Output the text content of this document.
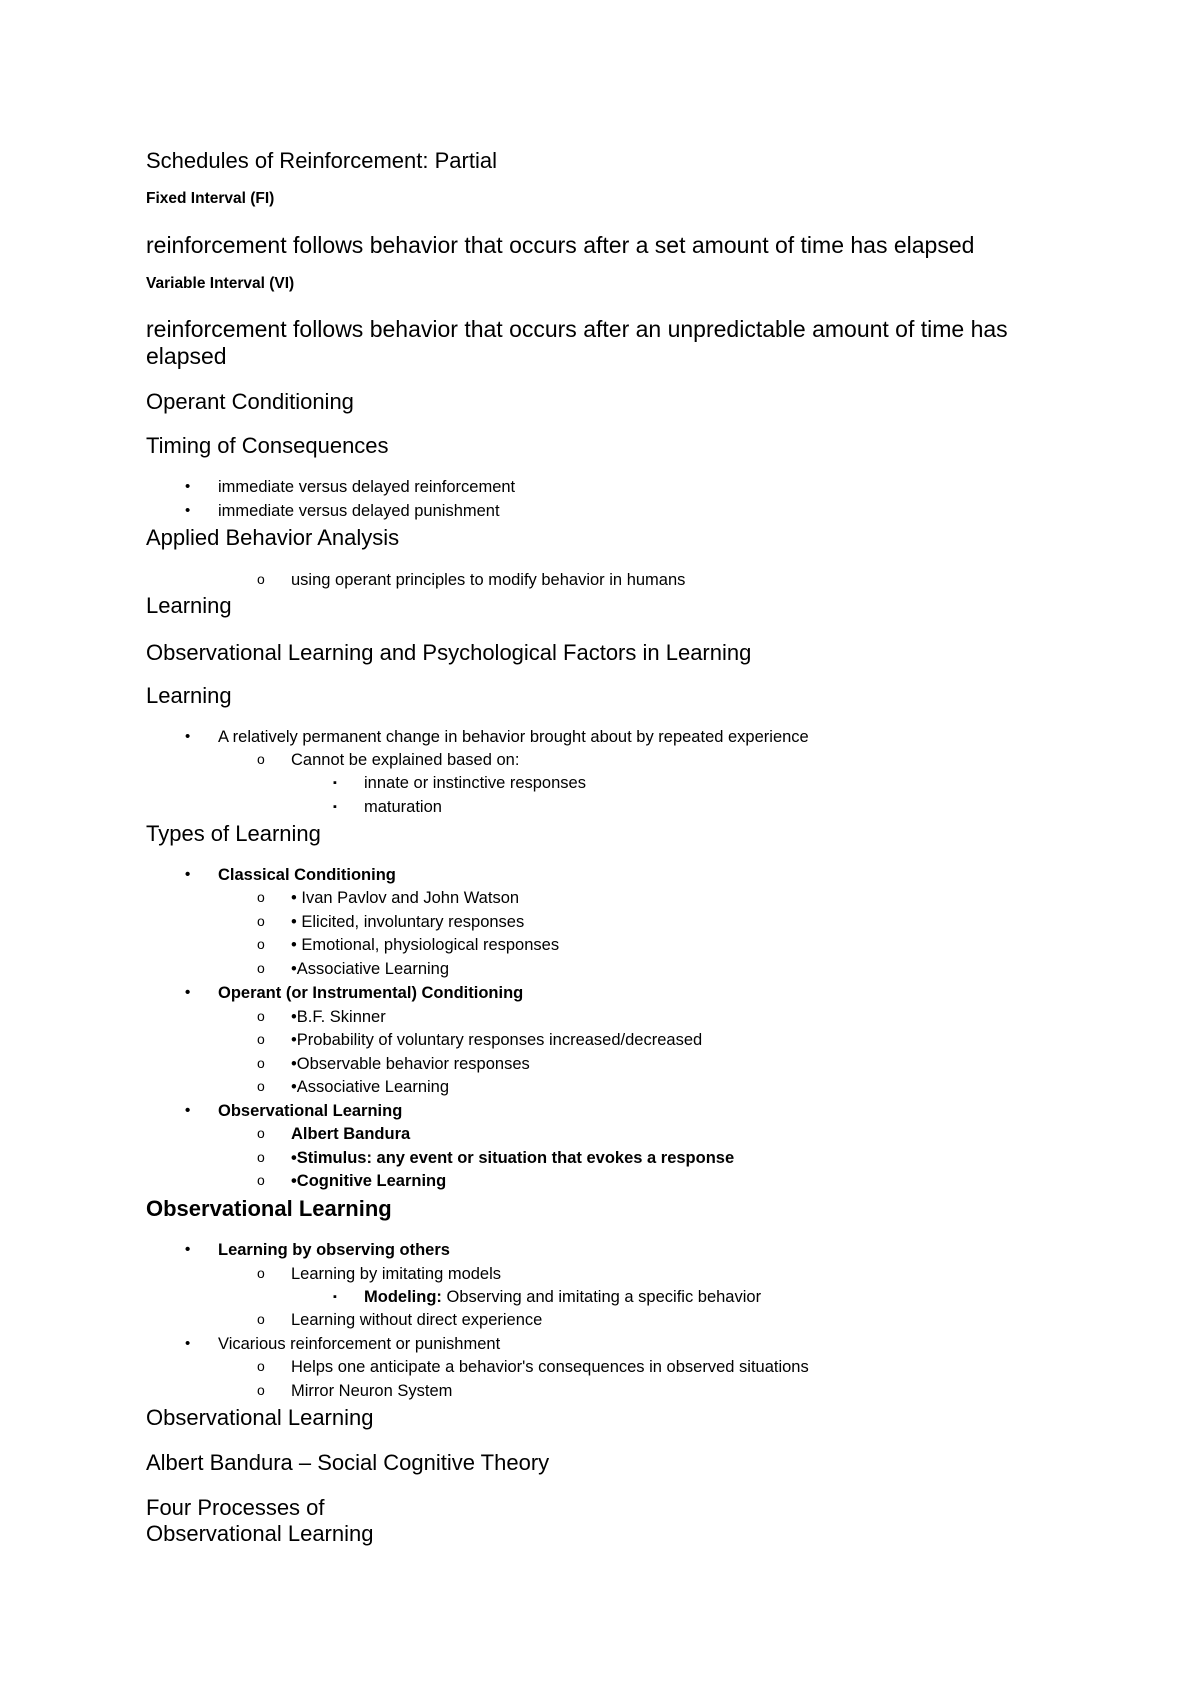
Schedules of Reinforcement: Partial
Fixed Interval (FI)
reinforcement follows behavior that occurs after a set amount of time has elapsed
Variable Interval (VI)
reinforcement follows behavior that occurs after an unpredictable amount of time has
elapsed
Operant Conditioning
Timing of Consequences
• immediate versus delayed reinforcement
• immediate versus delayed punishment
Applied Behavior Analysis
o using operant principles to modify behavior in humans
Learning
Observational Learning and Psychological Factors in Learning
Learning
• A relatively permanent change in behavior brought about by repeated experience
o Cannot be explained based on:
▪ innate or instinctive responses
▪ maturation
Types of Learning
• Classical Conditioning
o • Ivan Pavlov and John Watson
o • Elicited, involuntary responses
o • Emotional, physiological responses
o •Associative Learning
• Operant (or Instrumental) Conditioning
o •B.F. Skinner
o •Probability of voluntary responses increased/decreased
o •Observable behavior responses
o •Associative Learning
• Observational Learning
o Albert Bandura
o •Stimulus: any event or situation that evokes a response
o •Cognitive Learning
Observational Learning
• Learning by observing others
o Learning by imitating models
▪ Modeling: Observing and imitating a specific behavior
o Learning without direct experience
• Vicarious reinforcement or punishment
o Helps one anticipate a behavior's consequences in observed situations
o Mirror Neuron System
Observational Learning
Albert Bandura – Social Cognitive Theory
Four Processes of
Observational Learning
